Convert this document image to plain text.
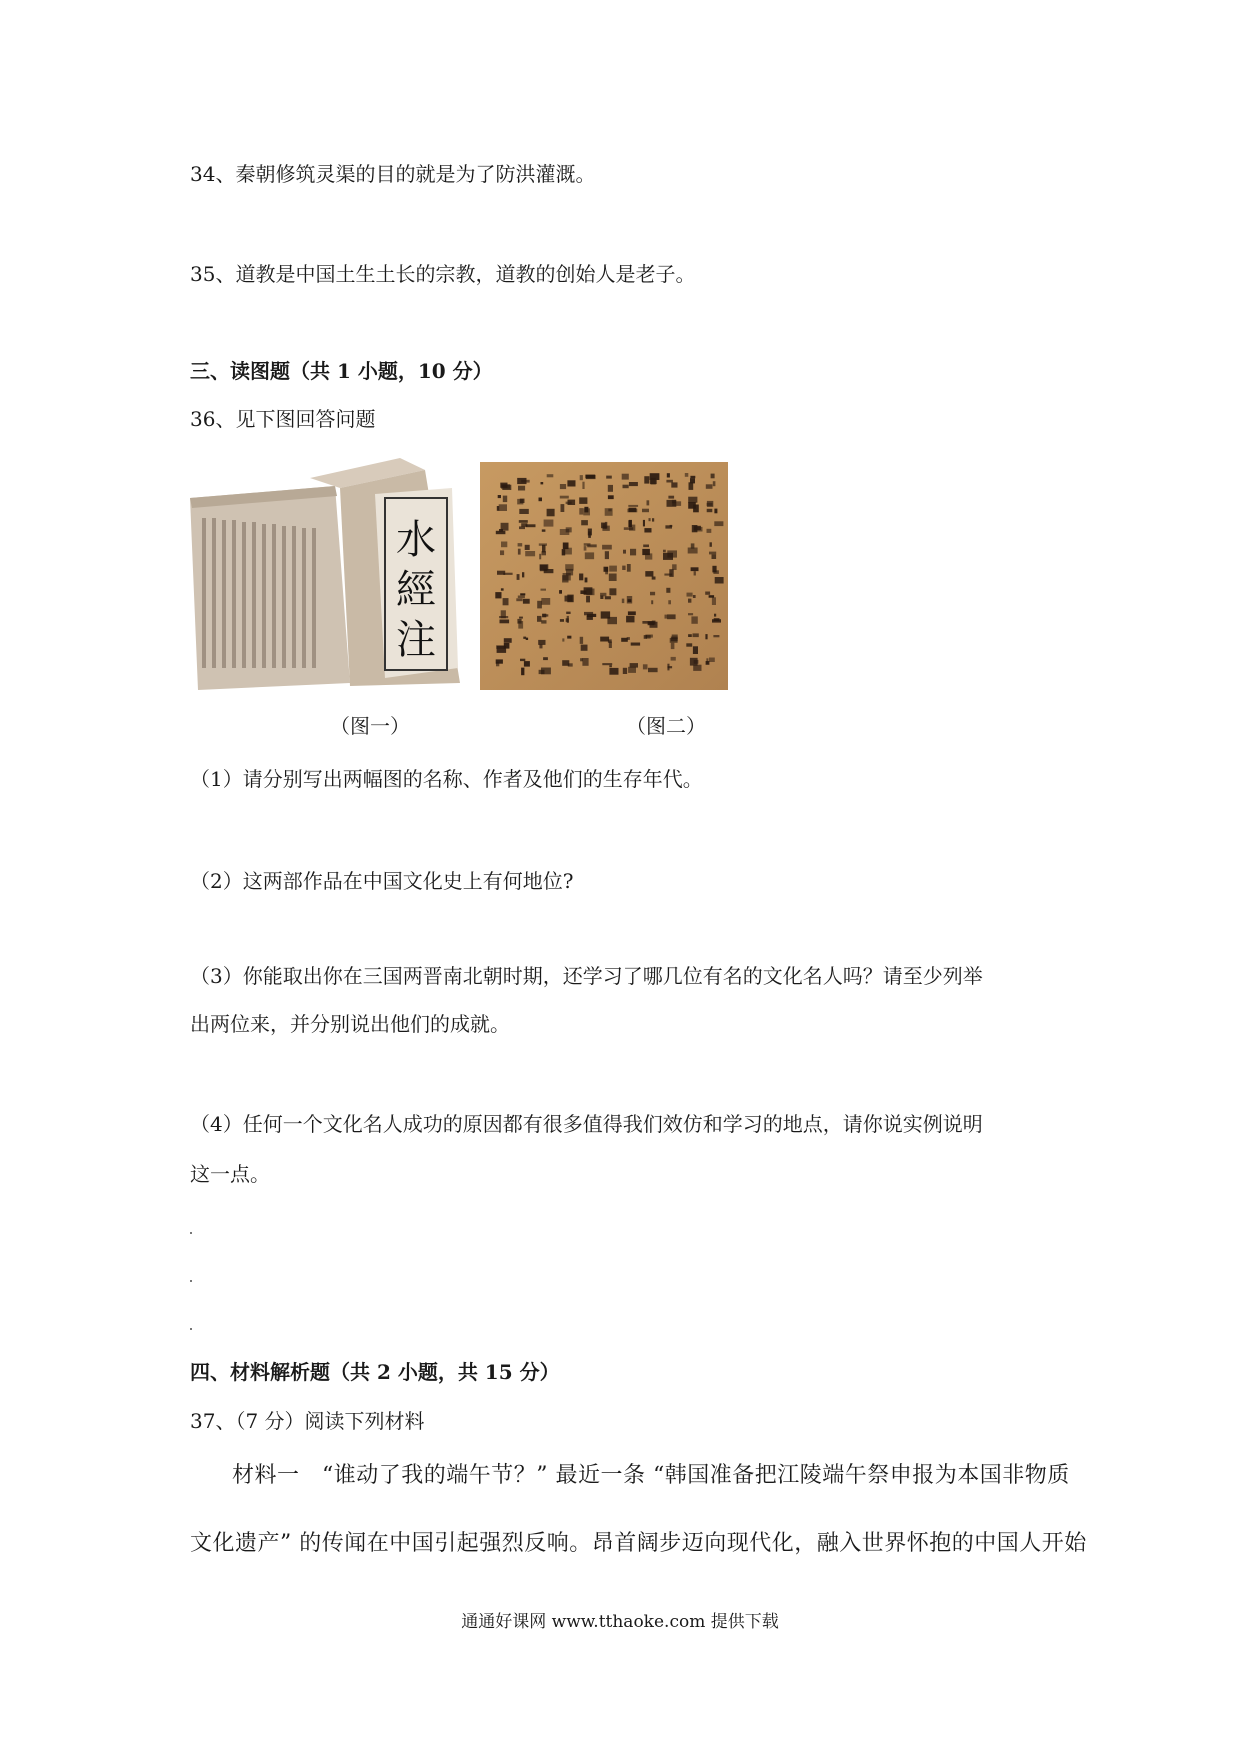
34、秦朝修筑灵渠的目的就是为了防洪灌溉。
35、道教是中国土生土长的宗教，道教的创始人是老子。
三、读图题（共 1 小题，10 分）
36、见下图回答问题
水
經
注
（图一）	（图二）
（1）请分别写出两幅图的名称、作者及他们的生存年代。
（2）这两部作品在中国文化史上有何地位?
（3）你能取出你在三国两晋南北朝时期，还学习了哪几位有名的文化名人吗？请至少列举
出两位来，并分别说出他们的成就。
（4）任何一个文化名人成功的原因都有很多值得我们效仿和学习的地点，请你说实例说明
这一点。
四、材料解析题（共 2 小题，共 15 分）
37、（7 分）阅读下列材料
材料一　“谁动了我的端午节？” 最近一条 “韩国准备把江陵端午祭申报为本国非物质
文化遗产” 的传闻在中国引起强烈反响。昂首阔步迈向现代化，融入世界怀抱的中国人开始
通通好课网 www.tthaoke.com 提供下载
